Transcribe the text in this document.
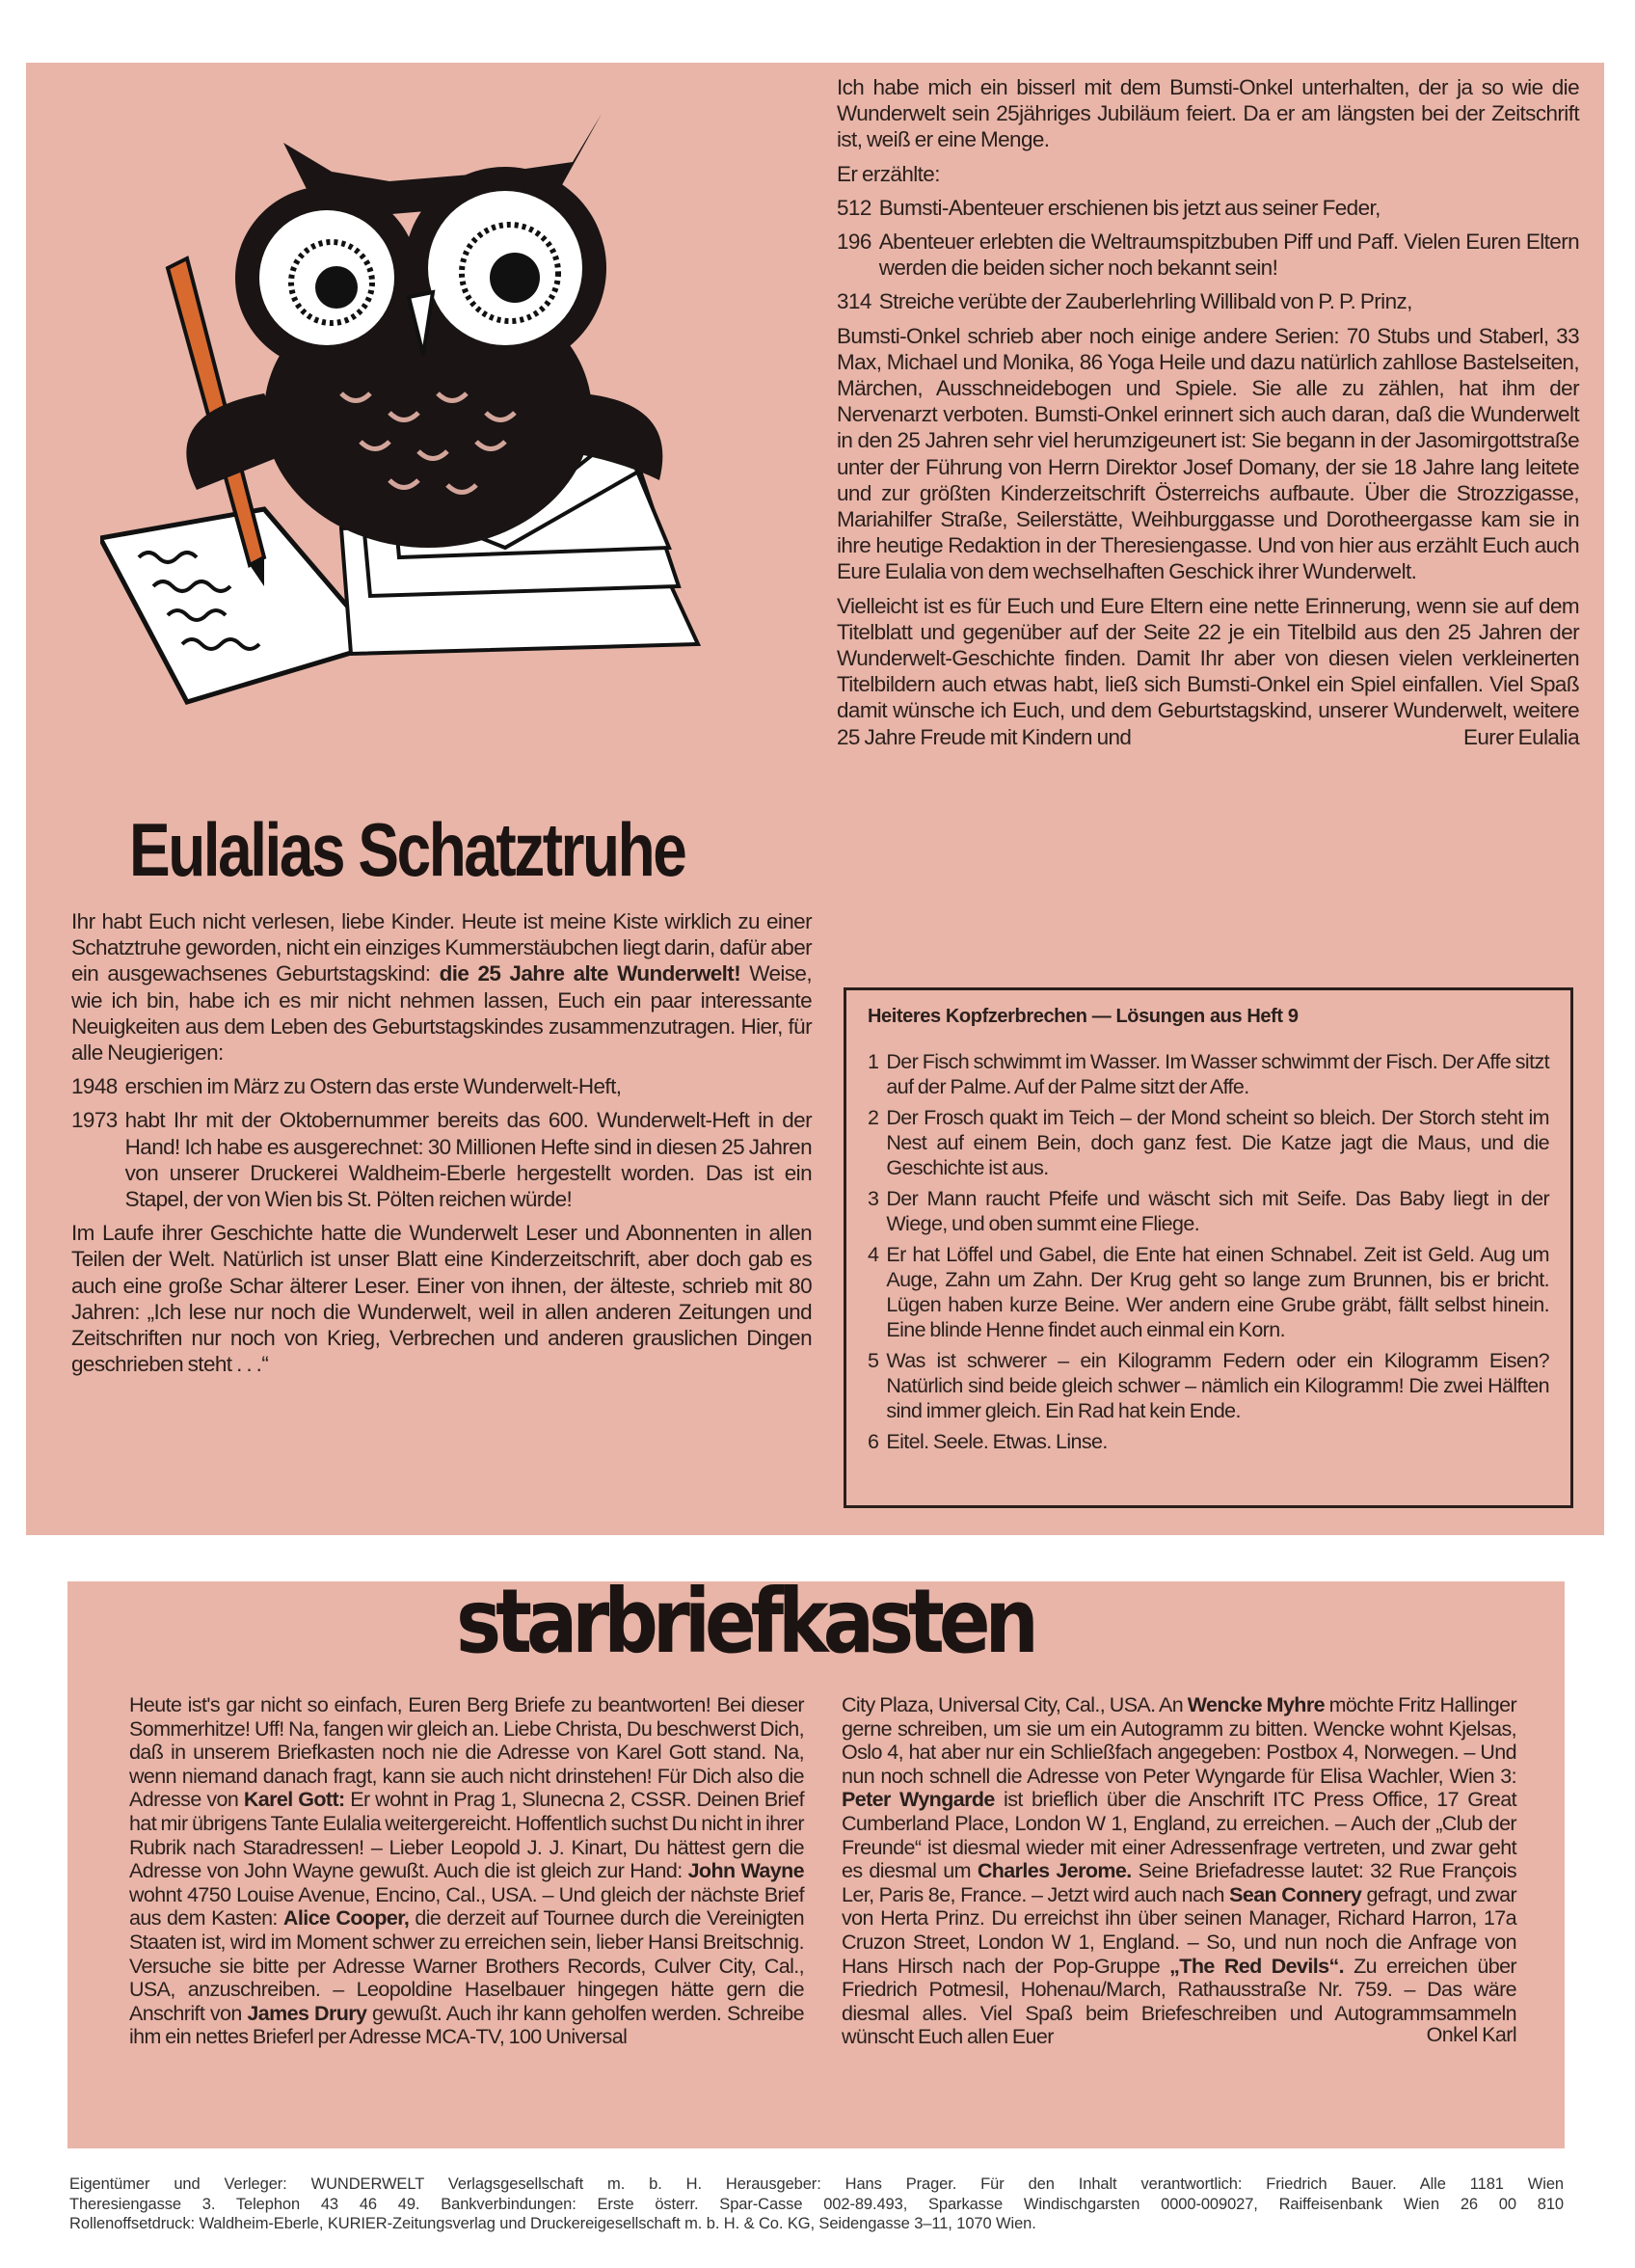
Eulalias Schatztruhe

Ihr habt Euch nicht verlesen, liebe Kinder. Heute ist meine Kiste wirklich zu einer Schatztruhe geworden, nicht ein einziges Kummerstäubchen liegt darin, dafür aber ein ausgewachsenes Geburtstagskind: die 25 Jahre alte Wunderwelt! Weise, wie ich bin, habe ich es mir nicht nehmen lassen, Euch ein paar interessante Neuigkeiten aus dem Leben des Geburtstagskindes zusammenzutragen. Hier, für alle Neugierigen:

1948 erschien im März zu Ostern das erste Wunderwelt-Heft,
1973 habt Ihr mit der Oktobernummer bereits das 600. Wunderwelt-Heft in der Hand! Ich habe es ausgerechnet: 30 Millionen Hefte sind in diesen 25 Jahren von unserer Druckerei Waldheim-Eberle hergestellt worden. Das ist ein Stapel, der von Wien bis St. Pölten reichen würde!

Im Laufe ihrer Geschichte hatte die Wunderwelt Leser und Abonnenten in allen Teilen der Welt. Natürlich ist unser Blatt eine Kinderzeitschrift, aber doch gab es auch eine große Schar älterer Leser. Einer von ihnen, der älteste, schrieb mit 80 Jahren: „Ich lese nur noch die Wunderwelt, weil in allen anderen Zeitungen und Zeitschriften nur noch von Krieg, Verbrechen und anderen grauslichen Dingen geschrieben steht . . .“

Ich habe mich ein bisserl mit dem Bumsti-Onkel unterhalten, der ja so wie die Wunderwelt sein 25jähriges Jubiläum feiert. Da er am längsten bei der Zeitschrift ist, weiß er eine Menge.

Er erzählte:

512 Bumsti-Abenteuer erschienen bis jetzt aus seiner Feder,
196 Abenteuer erlebten die Weltraumspitzbuben Piff und Paff. Vielen Euren Eltern werden die beiden sicher noch bekannt sein!
314 Streiche verübte der Zauberlehrling Willibald von P. P. Prinz,

Bumsti-Onkel schrieb aber noch einige andere Serien: 70 Stubs und Staberl, 33 Max, Michael und Monika, 86 Yoga Heile und dazu natürlich zahllose Bastelseiten, Märchen, Ausschneidebogen und Spiele. Sie alle zu zählen, hat ihm der Nervenarzt verboten. Bumsti-Onkel erinnert sich auch daran, daß die Wunderwelt in den 25 Jahren sehr viel herumzigeunert ist: Sie begann in der Jasomirgottstraße unter der Führung von Herrn Direktor Josef Domany, der sie 18 Jahre lang leitete und zur größten Kinderzeitschrift Österreichs aufbaute. Über die Strozzigasse, Mariahilfer Straße, Seilerstätte, Weihburggasse und Dorotheergasse kam sie in ihre heutige Redaktion in der Theresiengasse. Und von hier aus erzählt Euch auch Eure Eulalia von dem wechselhaften Geschick ihrer Wunderwelt.

Vielleicht ist es für Euch und Eure Eltern eine nette Erinnerung, wenn sie auf dem Titelblatt und gegenüber auf der Seite 22 je ein Titelbild aus den 25 Jahren der Wunderwelt-Geschichte finden. Damit Ihr aber von diesen vielen verkleinerten Titelbildern auch etwas habt, ließ sich Bumsti-Onkel ein Spiel einfallen. Viel Spaß damit wünsche ich Euch, und dem Geburtstagskind, unserer Wunderwelt, weitere 25 Jahre Freude mit Kindern und	Eurer Eulalia

Heiteres Kopfzerbrechen — Lösungen aus Heft 9
1 Der Fisch schwimmt im Wasser. Im Wasser schwimmt der Fisch. Der Affe sitzt auf der Palme. Auf der Palme sitzt der Affe.
2 Der Frosch quakt im Teich – der Mond scheint so bleich. Der Storch steht im Nest auf einem Bein, doch ganz fest. Die Katze jagt die Maus, und die Geschichte ist aus.
3 Der Mann raucht Pfeife und wäscht sich mit Seife. Das Baby liegt in der Wiege, und oben summt eine Fliege.
4 Er hat Löffel und Gabel, die Ente hat einen Schnabel. Zeit ist Geld. Aug um Auge, Zahn um Zahn. Der Krug geht so lange zum Brunnen, bis er bricht. Lügen haben kurze Beine. Wer andern eine Grube gräbt, fällt selbst hinein. Eine blinde Henne findet auch einmal ein Korn.
5 Was ist schwerer – ein Kilogramm Federn oder ein Kilogramm Eisen? Natürlich sind beide gleich schwer – nämlich ein Kilogramm! Die zwei Hälften sind immer gleich. Ein Rad hat kein Ende.
6 Eitel. Seele. Etwas. Linse.
starbriefkasten

Heute ist's gar nicht so einfach, Euren Berg Briefe zu beantworten! Bei dieser Sommerhitze! Uff! Na, fangen wir gleich an. Liebe Christa, Du beschwerst Dich, daß in unserem Briefkasten noch nie die Adresse von Karel Gott stand. Na, wenn niemand danach fragt, kann sie auch nicht drinstehen! Für Dich also die Adresse von Karel Gott: Er wohnt in Prag 1, Slunecna 2, CSSR. Deinen Brief hat mir übrigens Tante Eulalia weitergereicht. Hoffentlich suchst Du nicht in ihrer Rubrik nach Staradressen! – Lieber Leopold J. J. Kinart, Du hättest gern die Adresse von John Wayne gewußt. Auch die ist gleich zur Hand: John Wayne wohnt 4750 Louise Avenue, Encino, Cal., USA. – Und gleich der nächste Brief aus dem Kasten: Alice Cooper, die derzeit auf Tournee durch die Vereinigten Staaten ist, wird im Moment schwer zu erreichen sein, lieber Hansi Breitschnig. Versuche sie bitte per Adresse Warner Brothers Records, Culver City, Cal., USA, anzuschreiben. – Leopoldine Haselbauer hingegen hätte gern die Anschrift von James Drury gewußt. Auch ihr kann geholfen werden. Schreibe ihm ein nettes Brieferl per Adresse MCA-TV, 100 Universal

City Plaza, Universal City, Cal., USA. An Wencke Myhre möchte Fritz Hallinger gerne schreiben, um sie um ein Autogramm zu bitten. Wencke wohnt Kjelsas, Oslo 4, hat aber nur ein Schließfach angegeben: Postbox 4, Norwegen. – Und nun noch schnell die Adresse von Peter Wyngarde für Elisa Wachler, Wien 3: Peter Wyngarde ist brieflich über die Anschrift ITC Press Office, 17 Great Cumberland Place, London W 1, England, zu erreichen. – Auch der „Club der Freunde“ ist diesmal wieder mit einer Adressenfrage vertreten, und zwar geht es diesmal um Charles Jerome. Seine Briefadresse lautet: 32 Rue François Ler, Paris 8e, France. – Jetzt wird auch nach Sean Connery gefragt, und zwar von Herta Prinz. Du erreichst ihn über seinen Manager, Richard Harron, 17a Cruzon Street, London W 1, England. – So, und nun noch die Anfrage von Hans Hirsch nach der Pop-Gruppe „The Red Devils“. Zu erreichen über Friedrich Potmesil, Hohenau/March, Rathausstraße Nr. 759. – Das wäre diesmal alles. Viel Spaß beim Briefeschreiben und Autogrammsammeln wünscht Euch allen Euer	Onkel Karl

Eigentümer und Verleger: WUNDERWELT Verlagsgesellschaft m. b. H. Herausgeber: Hans Prager. Für den Inhalt verantwortlich: Friedrich Bauer. Alle 1181 Wien
Theresiengasse 3. Telephon 43 46 49. Bankverbindungen: Erste österr. Spar-Casse 002-89.493, Sparkasse Windischgarsten 0000-009027, Raiffeisenbank Wien 26 00 810
Rollenoffsetdruck: Waldheim-Eberle, KURIER-Zeitungsverlag und Druckereigesellschaft m. b. H. & Co. KG, Seidengasse 3–11, 1070 Wien.
